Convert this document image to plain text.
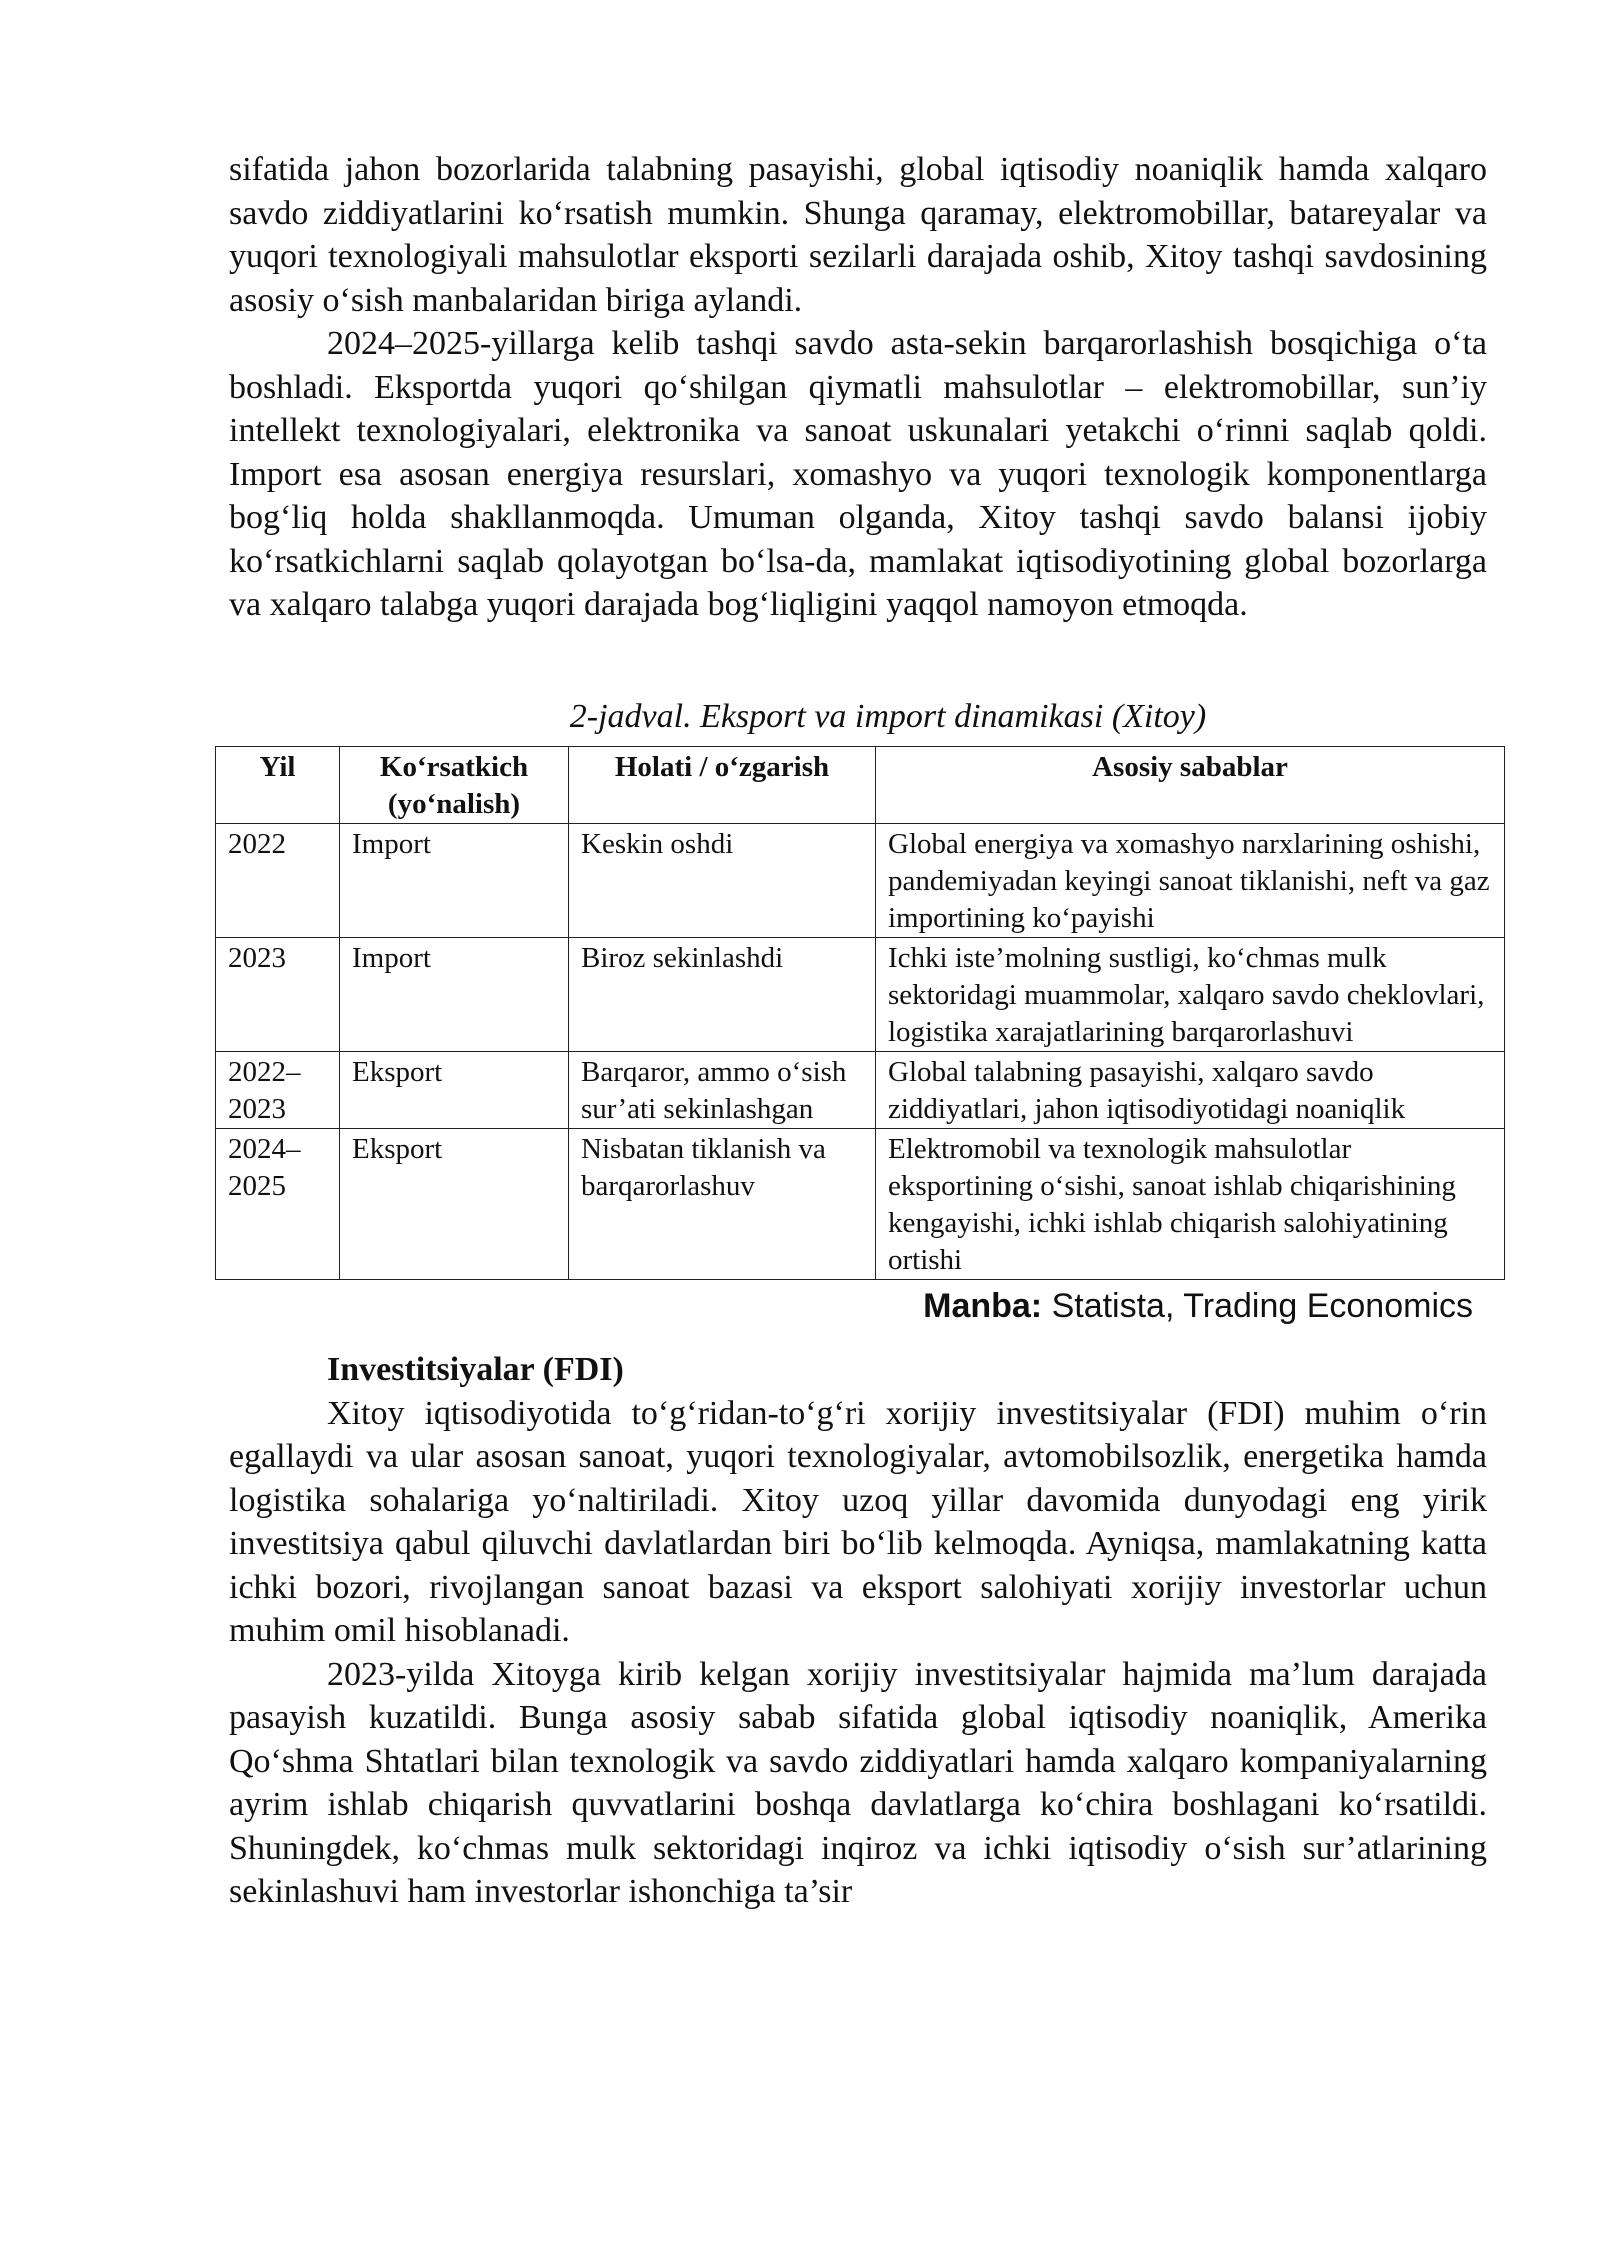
sifatida jahon bozorlarida talabning pasayishi, global iqtisodiy noaniqlik hamda xalqaro savdo ziddiyatlarini koʻrsatish mumkin. Shunga qaramay, elektromobillar, batareyalar va yuqori texnologiyali mahsulotlar eksporti sezilarli darajada oshib, Xitoy tashqi savdosining asosiy oʻsish manbalaridan biriga aylandi.

2024–2025-yillarga kelib tashqi savdo asta-sekin barqarorlashish bosqichiga oʻta boshladi. Eksportda yuqori qoʻshilgan qiymatli mahsulotlar – elektromobillar, sun’iy intellekt texnologiyalari, elektronika va sanoat uskunalari yetakchi oʻrinni saqlab qoldi. Import esa asosan energiya resurslari, xomashyo va yuqori texnologik komponentlarga bogʻliq holda shakllanmoqda. Umuman olganda, Xitoy tashqi savdo balansi ijobiy koʻrsatkichlarni saqlab qolayotgan boʻlsa-da, mamlakat iqtisodiyotining global bozorlarga va xalqaro talabga yuqori darajada bogʻliqligini yaqqol namoyon etmoqda.

2-jadval. Eksport va import dinamikasi (Xitoy)
Yil	Koʻrsatkich (yoʻnalish)	Holati / oʻzgarish	Asosiy sabablar
2022	Import	Keskin oshdi	Global energiya va xomashyo narxlarining oshishi, pandemiyadan keyingi sanoat tiklanishi, neft va gaz importining koʻpayishi
2023	Import	Biroz sekinlashdi	Ichki iste’molning sustligi, koʻchmas mulk sektoridagi muammolar, xalqaro savdo cheklovlari, logistika xarajatlarining barqarorlashuvi
2022–2023	Eksport	Barqaror, ammo oʻsish sur’ati sekinlashgan	Global talabning pasayishi, xalqaro savdo ziddiyatlari, jahon iqtisodiyotidagi noaniqlik
2024–2025	Eksport	Nisbatan tiklanish va barqarorlashuv	Elektromobil va texnologik mahsulotlar eksportining oʻsishi, sanoat ishlab chiqarishining kengayishi, ichki ishlab chiqarish salohiyatining ortishi
Manba: Statista, Trading Economics
Investitsiyalar (FDI)

Xitoy iqtisodiyotida toʻgʻridan-toʻgʻri xorijiy investitsiyalar (FDI) muhim oʻrin egallaydi va ular asosan sanoat, yuqori texnologiyalar, avtomobilsozlik, energetika hamda logistika sohalariga yoʻnaltiriladi. Xitoy uzoq yillar davomida dunyodagi eng yirik investitsiya qabul qiluvchi davlatlardan biri boʻlib kelmoqda. Ayniqsa, mamlakatning katta ichki bozori, rivojlangan sanoat bazasi va eksport salohiyati xorijiy investorlar uchun muhim omil hisoblanadi.

2023-yilda Xitoyga kirib kelgan xorijiy investitsiyalar hajmida ma’lum darajada pasayish kuzatildi. Bunga asosiy sabab sifatida global iqtisodiy noaniqlik, Amerika Qoʻshma Shtatlari bilan texnologik va savdo ziddiyatlari hamda xalqaro kompaniyalarning ayrim ishlab chiqarish quvvatlarini boshqa davlatlarga koʻchira boshlagani koʻrsatildi. Shuningdek, koʻchmas mulk sektoridagi inqiroz va ichki iqtisodiy oʻsish sur’atlarining sekinlashuvi ham investorlar ishonchiga ta’sir
